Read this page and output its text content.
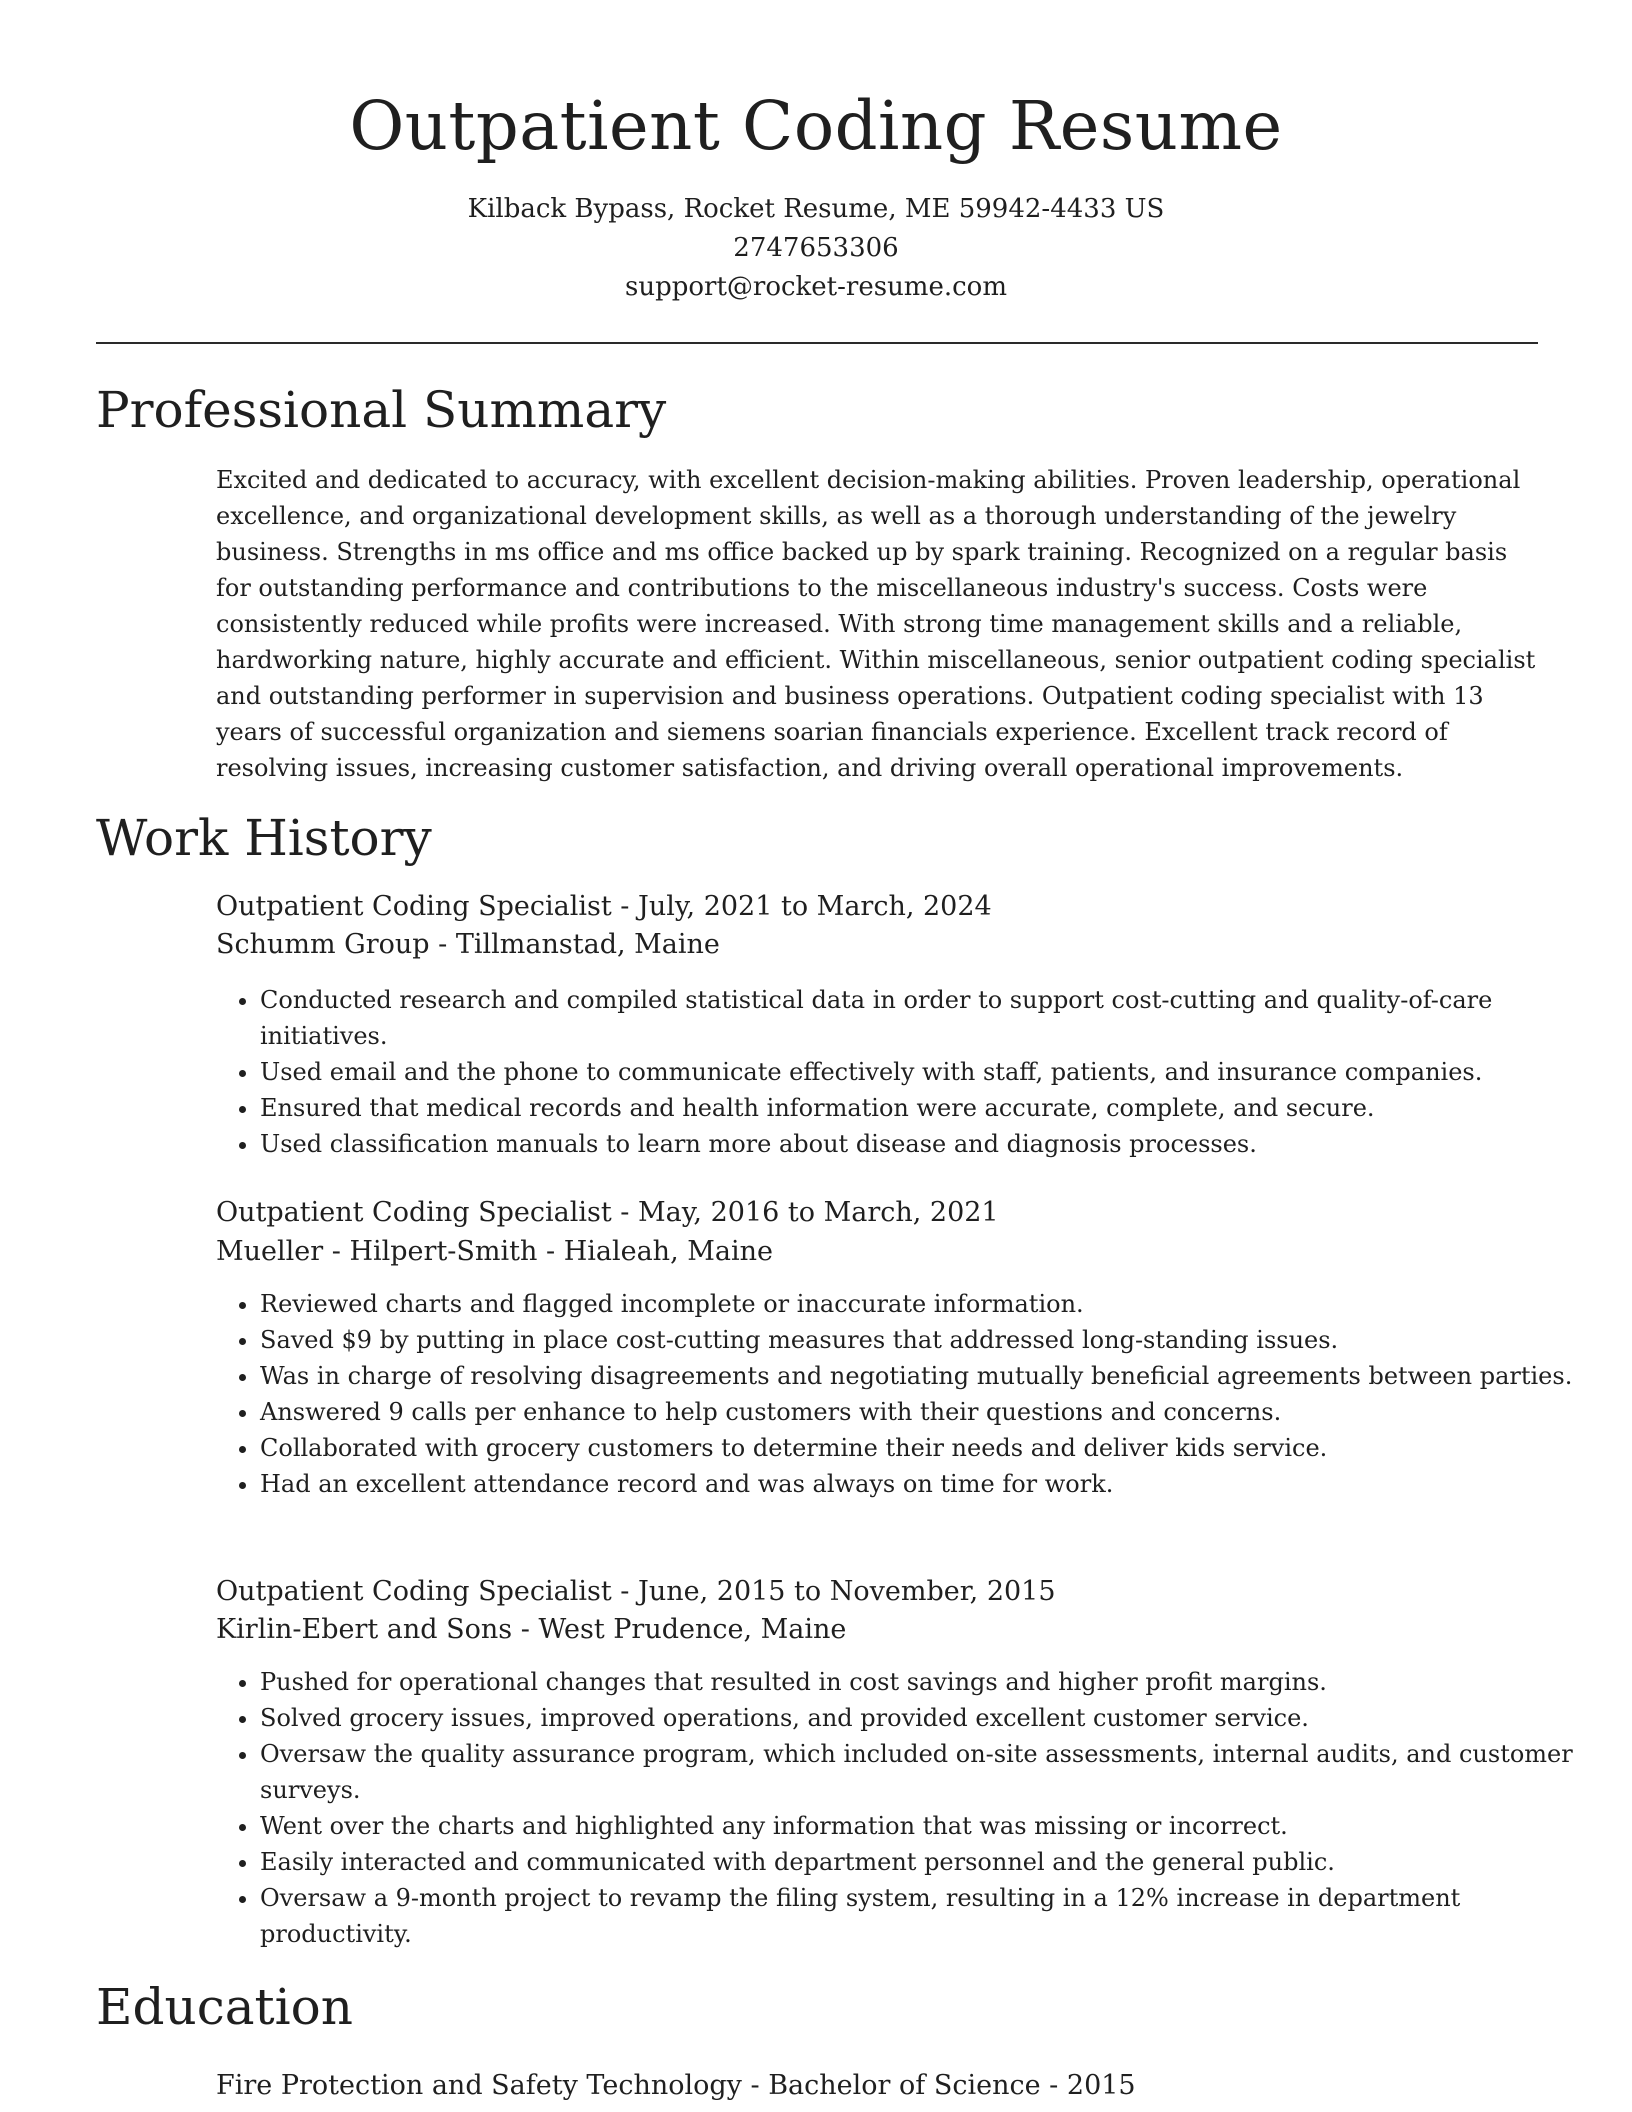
Outpatient Coding Resume
Kilback Bypass, Rocket Resume, ME 59942-4433 US
2747653306
support@rocket-resume.com
Professional Summary

Excited and dedicated to accuracy, with excellent decision-making abilities. Proven leadership, operational excellence, and organizational development skills, as well as a thorough understanding of the jewelry business. Strengths in ms office and ms office backed up by spark training. Recognized on a regular basis for outstanding performance and contributions to the miscellaneous industry's success. Costs were consistently reduced while profits were increased. With strong time management skills and a reliable, hardworking nature, highly accurate and efficient. Within miscellaneous, senior outpatient coding specialist and outstanding performer in supervision and business operations. Outpatient coding specialist with 13 years of successful organization and siemens soarian financials experience. Excellent track record of resolving issues, increasing customer satisfaction, and driving overall operational improvements.

Work History
Outpatient Coding Specialist - July, 2021 to March, 2024
Schumm Group - Tillmanstad, Maine
• Conducted research and compiled statistical data in order to support cost-cutting and quality-of-care initiatives.
• Used email and the phone to communicate effectively with staff, patients, and insurance companies.
• Ensured that medical records and health information were accurate, complete, and secure.
• Used classification manuals to learn more about disease and diagnosis processes.
Outpatient Coding Specialist - May, 2016 to March, 2021
Mueller - Hilpert-Smith - Hialeah, Maine
• Reviewed charts and flagged incomplete or inaccurate information.
• Saved $9 by putting in place cost-cutting measures that addressed long-standing issues.
• Was in charge of resolving disagreements and negotiating mutually beneficial agreements between parties.
• Answered 9 calls per enhance to help customers with their questions and concerns.
• Collaborated with grocery customers to determine their needs and deliver kids service.
• Had an excellent attendance record and was always on time for work.
Outpatient Coding Specialist - June, 2015 to November, 2015
Kirlin-Ebert and Sons - West Prudence, Maine
• Pushed for operational changes that resulted in cost savings and higher profit margins.
• Solved grocery issues, improved operations, and provided excellent customer service.
• Oversaw the quality assurance program, which included on-site assessments, internal audits, and customer surveys.
• Went over the charts and highlighted any information that was missing or incorrect.
• Easily interacted and communicated with department personnel and the general public.
• Oversaw a 9-month project to revamp the filing system, resulting in a 12% increase in department productivity.
Education
Fire Protection and Safety Technology - Bachelor of Science - 2015
